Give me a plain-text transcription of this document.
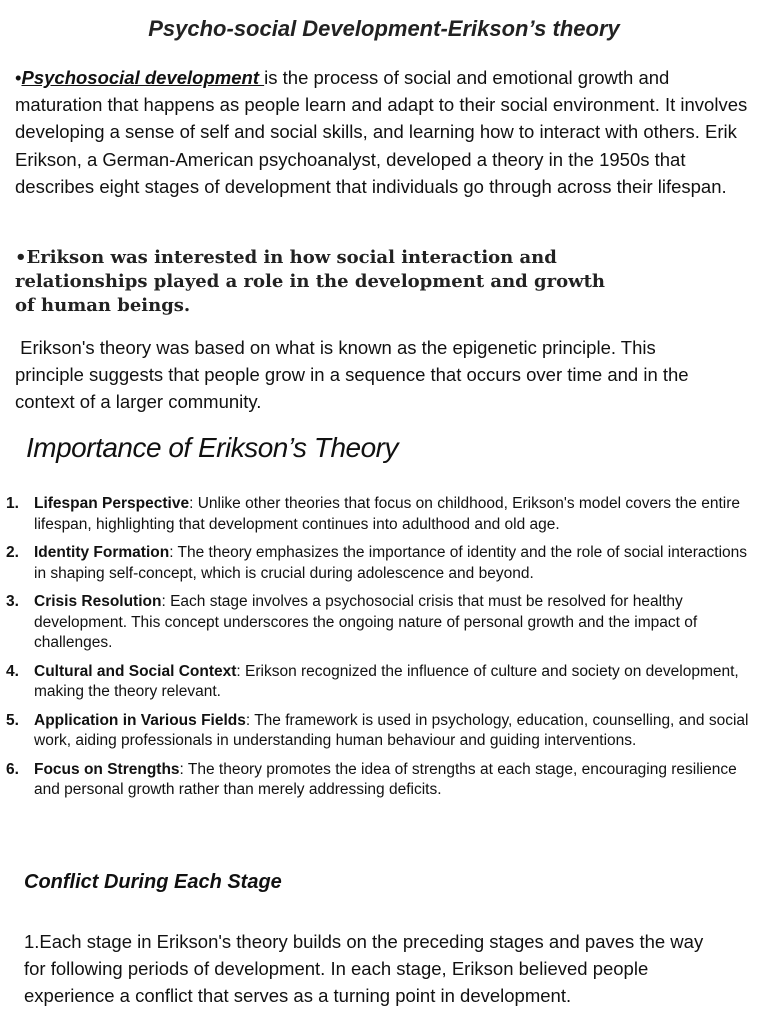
Psycho-social Development-Erikson’s theory

•Psychosocial development is the process of social and emotional growth and maturation that happens as people learn and adapt to their social environment. It involves developing a sense of self and social skills, and learning how to interact with others. Erik Erikson, a German-American psychoanalyst, developed a theory in the 1950s that describes eight stages of development that individuals go through across their lifespan.

•Erikson was interested in how social interaction and relationships played a role in the development and growth of human beings.

Erikson's theory was based on what is known as the epigenetic principle. This principle suggests that people grow in a sequence that occurs over time and in the context of a larger community.

Importance of Erikson’s Theory
1. Lifespan Perspective: Unlike other theories that focus on childhood, Erikson's model covers the entire lifespan, highlighting that development continues into adulthood and old age.
2. Identity Formation: The theory emphasizes the importance of identity and the role of social interactions in shaping self-concept, which is crucial during adolescence and beyond.
3. Crisis Resolution: Each stage involves a psychosocial crisis that must be resolved for healthy development. This concept underscores the ongoing nature of personal growth and the impact of challenges.
4. Cultural and Social Context: Erikson recognized the influence of culture and society on development, making the theory relevant.
5. Application in Various Fields: The framework is used in psychology, education, counselling, and social work, aiding professionals in understanding human behaviour and guiding interventions.
6. Focus on Strengths: The theory promotes the idea of strengths at each stage, encouraging resilience and personal growth rather than merely addressing deficits.
Conflict During Each Stage

1.Each stage in Erikson's theory builds on the preceding stages and paves the way for following periods of development. In each stage, Erikson believed people experience a conflict that serves as a turning point in development.
